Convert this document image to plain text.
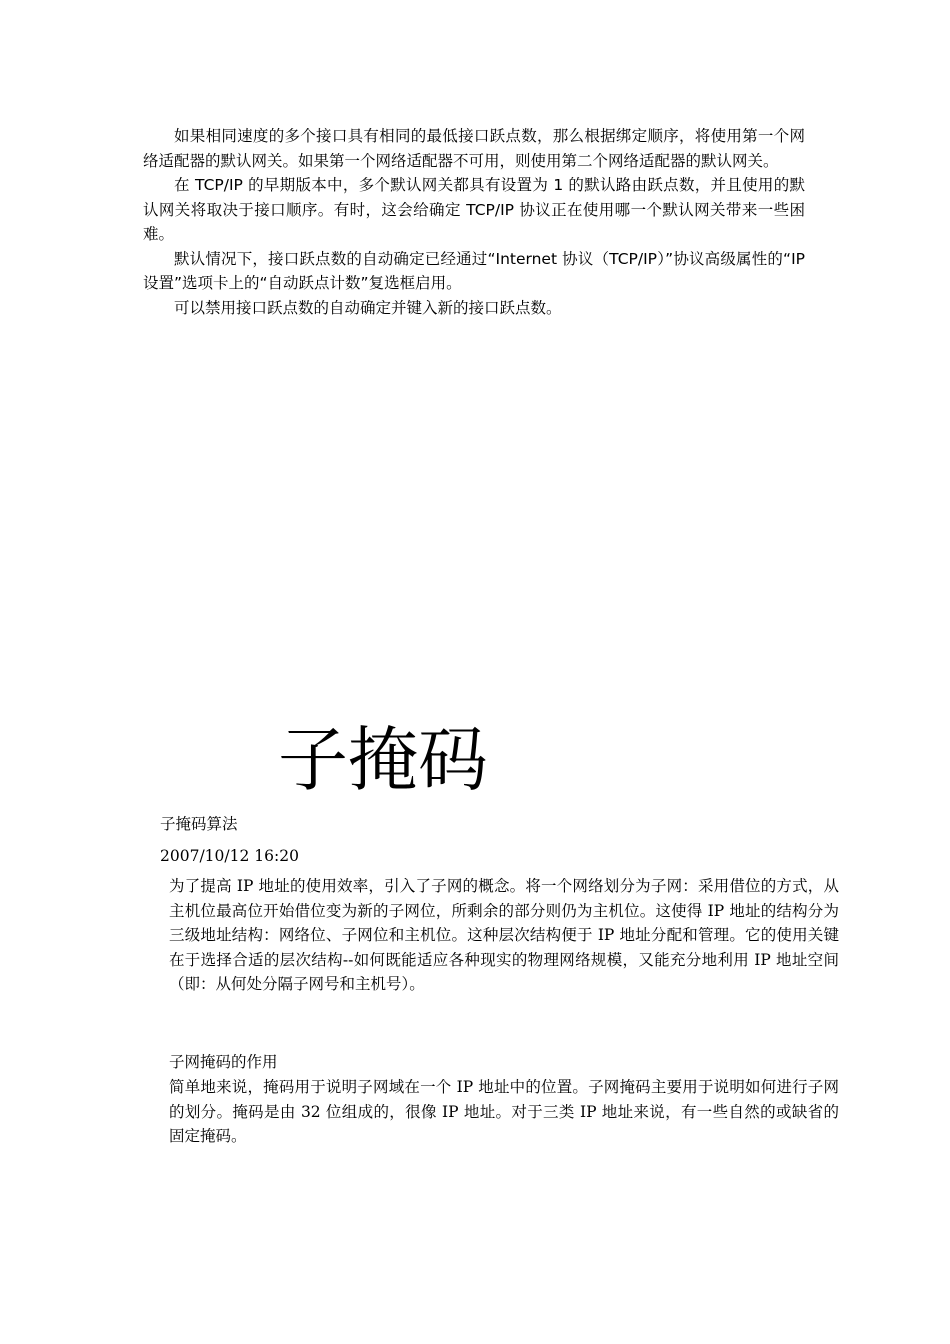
如果相同速度的多个接口具有相同的最低接口跃点数，那么根据绑定顺序，将使用第一个网络适配器的默认网关。如果第一个网络适配器不可用，则使用第二个网络适配器的默认网关。

在 TCP/IP 的早期版本中，多个默认网关都具有设置为 1 的默认路由跃点数，并且使用的默认网关将取决于接口顺序。有时，这会给确定 TCP/IP 协议正在使用哪一个默认网关带来一些困难。

默认情况下，接口跃点数的自动确定已经通过“Internet 协议（TCP/IP）”协议高级属性的“IP 设置”选项卡上的“自动跃点计数”复选框启用。

可以禁用接口跃点数的自动确定并键入新的接口跃点数。

子掩码
子掩码算法
2007/10/12 16:20

为了提高 IP 地址的使用效率，引入了子网的概念。将一个网络划分为子网：采用借位的方式，从主机位最高位开始借位变为新的子网位，所剩余的部分则仍为主机位。这使得 IP 地址的结构分为三级地址结构：网络位、子网位和主机位。这种层次结构便于 IP 地址分配和管理。它的使用关键在于选择合适的层次结构--如何既能适应各种现实的物理网络规模，又能充分地利用 IP 地址空间（即：从何处分隔子网号和主机号）。

子网掩码的作用

简单地来说，掩码用于说明子网域在一个 IP 地址中的位置。子网掩码主要用于说明如何进行子网的划分。掩码是由 32 位组成的，很像 IP 地址。对于三类 IP 地址来说，有一些自然的或缺省的固定掩码。
